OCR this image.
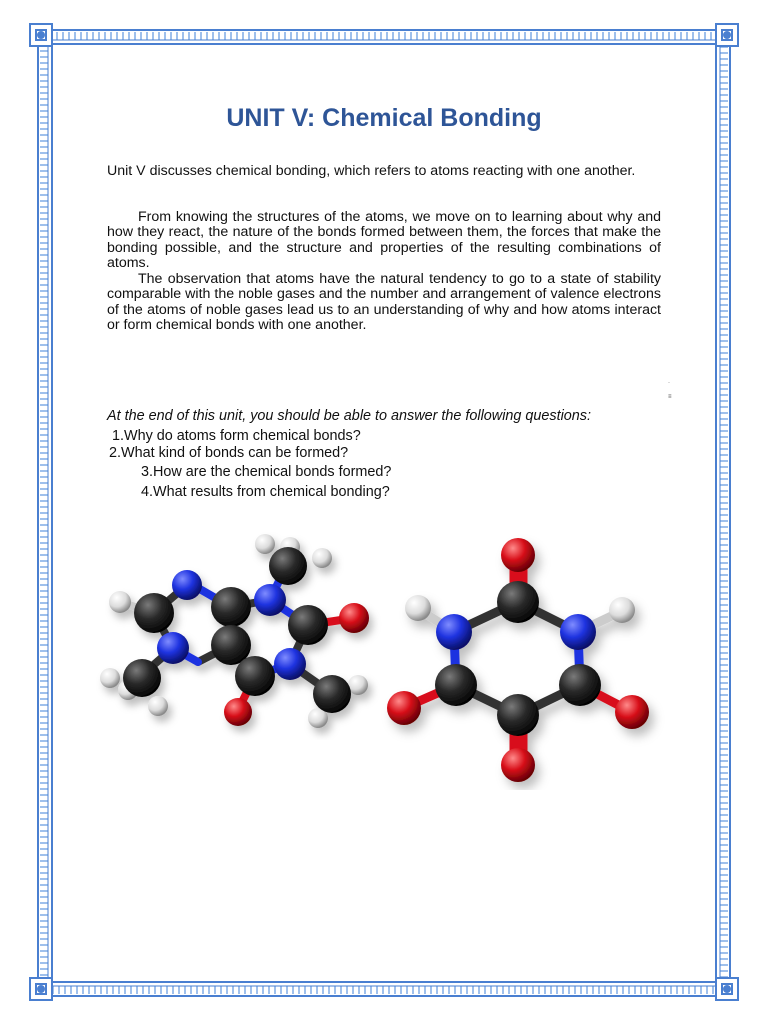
UNIT V: Chemical Bonding

Unit V discusses chemical bonding, which refers to atoms reacting with one another.

From knowing the structures of the atoms, we move on to learning about why and how they react, the nature of the bonds formed between them, the forces that make the bonding possible, and the structure and properties of the resulting combinations of atoms.

The observation that atoms have the natural tendency to go to a state of stability comparable with the noble gases and the number and arrangement of valence electrons of the atoms of noble gases lead us to an understanding of why and how atoms interact or form chemical bonds with one another.

·
≡

At the end of this unit, you should be able to answer the following questions:

1.Why do atoms form chemical bonds?

2.What kind of bonds can be formed?

3.How are the chemical bonds formed?

4.What results from chemical bonding?
